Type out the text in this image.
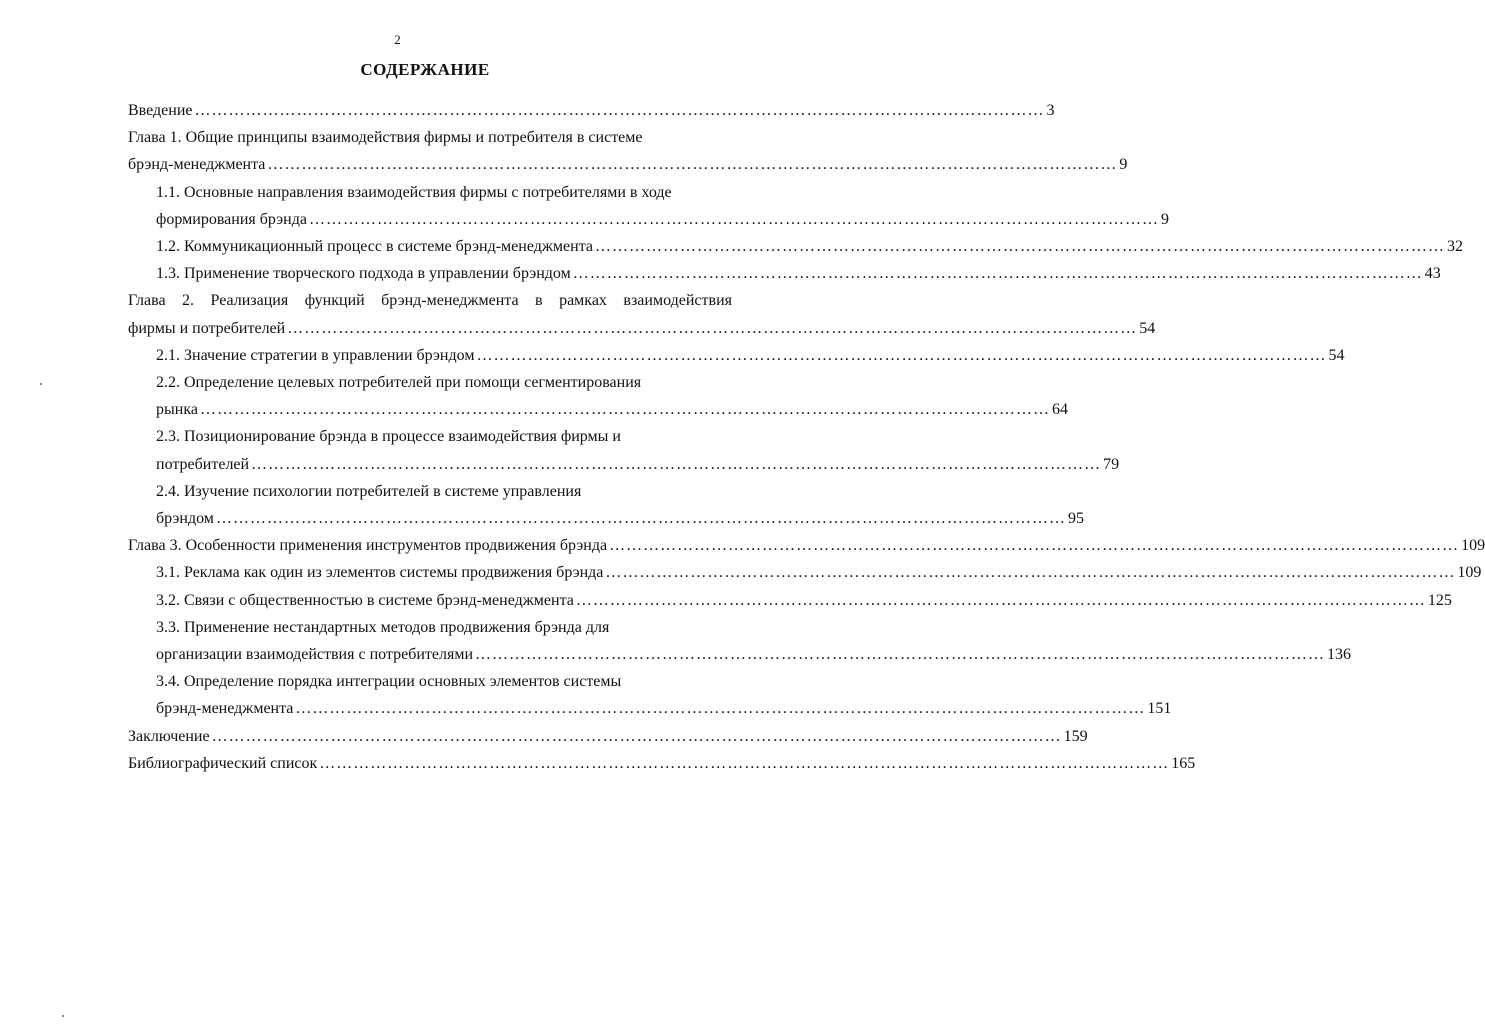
2
СОДЕРЖАНИЕ
Введение …………………………………………………………………………………………………………………………………… 3
Глава 1. Общие принципы взаимодействия фирмы и потребителя в системе
брэнд-менеджмента …………………………………………………………………………………………………………………………………… 9
1.1. Основные направления взаимодействия фирмы с потребителями в ходе
формирования брэнда …………………………………………………………………………………………………………………………………… 9
1.2. Коммуникационный процесс в системе брэнд-менеджмента …………………………………………………………………………………………………………………………………… 32
1.3. Применение творческого подхода в управлении брэндом …………………………………………………………………………………………………………………………………… 43
Глава 2. Реализация функций брэнд-менеджмента в рамках взаимодействия
фирмы и потребителей …………………………………………………………………………………………………………………………………… 54
2.1. Значение стратегии в управлении брэндом …………………………………………………………………………………………………………………………………… 54
2.2. Определение целевых потребителей при помощи сегментирования
рынка …………………………………………………………………………………………………………………………………… 64
2.3. Позиционирование брэнда в процессе взаимодействия фирмы и
потребителей …………………………………………………………………………………………………………………………………… 79
2.4. Изучение психологии потребителей в системе управления
брэндом …………………………………………………………………………………………………………………………………… 95
Глава 3. Особенности применения инструментов продвижения брэнда …………………………………………………………………………………………………………………………………… 109
3.1. Реклама как один из элементов системы продвижения брэнда …………………………………………………………………………………………………………………………………… 109
3.2. Связи с общественностью в системе брэнд-менеджмента …………………………………………………………………………………………………………………………………… 125
3.3. Применение нестандартных методов продвижения брэнда для
организации взаимодействия с потребителями …………………………………………………………………………………………………………………………………… 136
3.4. Определение порядка интеграции основных элементов системы
брэнд-менеджмента …………………………………………………………………………………………………………………………………… 151
Заключение …………………………………………………………………………………………………………………………………… 159
Библиографический список …………………………………………………………………………………………………………………………………… 165
